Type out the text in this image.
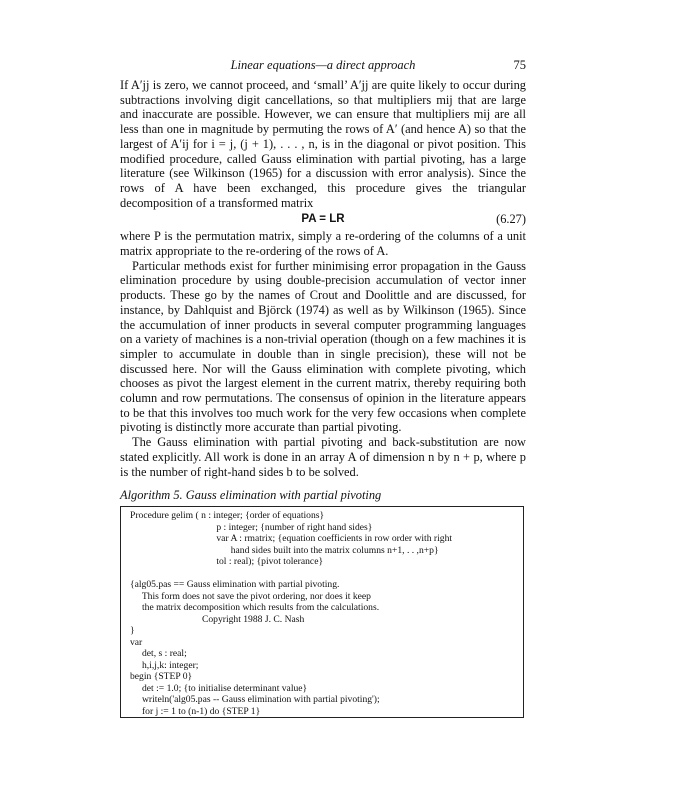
Linear equations—a direct approach	75

If A′jj is zero, we cannot proceed, and ‘small’ A′jj are quite likely to occur during subtractions involving digit cancellations, so that multipliers mij that are large and inaccurate are possible. However, we can ensure that multipliers mij are all less than one in magnitude by permuting the rows of A′ (and hence A) so that the largest of A′ij for i = j, (j + 1), . . . , n, is in the diagonal or pivot position. This modified procedure, called Gauss elimination with partial pivoting, has a large literature (see Wilkinson (1965) for a discussion with error analysis). Since the rows of A have been exchanged, this procedure gives the triangular decomposition of a transformed matrix

PA = LR	(6.27)

where P is the permutation matrix, simply a re-ordering of the columns of a unit matrix appropriate to the re-ordering of the rows of A.

Particular methods exist for further minimising error propagation in the Gauss elimination procedure by using double-precision accumulation of vector inner products. These go by the names of Crout and Doolittle and are discussed, for instance, by Dahlquist and Björck (1974) as well as by Wilkinson (1965). Since the accumulation of inner products in several computer programming languages on a variety of machines is a non-trivial operation (though on a few machines it is simpler to accumulate in double than in single precision), these will not be discussed here. Nor will the Gauss elimination with complete pivoting, which chooses as pivot the largest element in the current matrix, thereby requiring both column and row permutations. The consensus of opinion in the literature appears to be that this involves too much work for the very few occasions when complete pivoting is distinctly more accurate than partial pivoting.

The Gauss elimination with partial pivoting and back-substitution are now stated explicitly. All work is done in an array A of dimension n by n + p, where p is the number of right-hand sides b to be solved.

Algorithm 5. Gauss elimination with partial pivoting
Procedure gelim ( n : integer; {order of equations}
p : integer; {number of right hand sides}
var A : rmatrix; {equation coefficients in row order with right
hand sides built into the matrix columns n+1, . . ,n+p}
tol : real); {pivot tolerance}
{alg05.pas == Gauss elimination with partial pivoting.
This form does not save the pivot ordering, nor does it keep
the matrix decomposition which results from the calculations.
Copyright 1988 J. C. Nash
}
var
det, s : real;
h,i,j,k: integer;
begin {STEP 0}
det := 1.0; {to initialise determinant value}
writeln('alg05.pas -- Gauss elimination with partial pivoting');
for j := 1 to (n-1) do {STEP 1}
